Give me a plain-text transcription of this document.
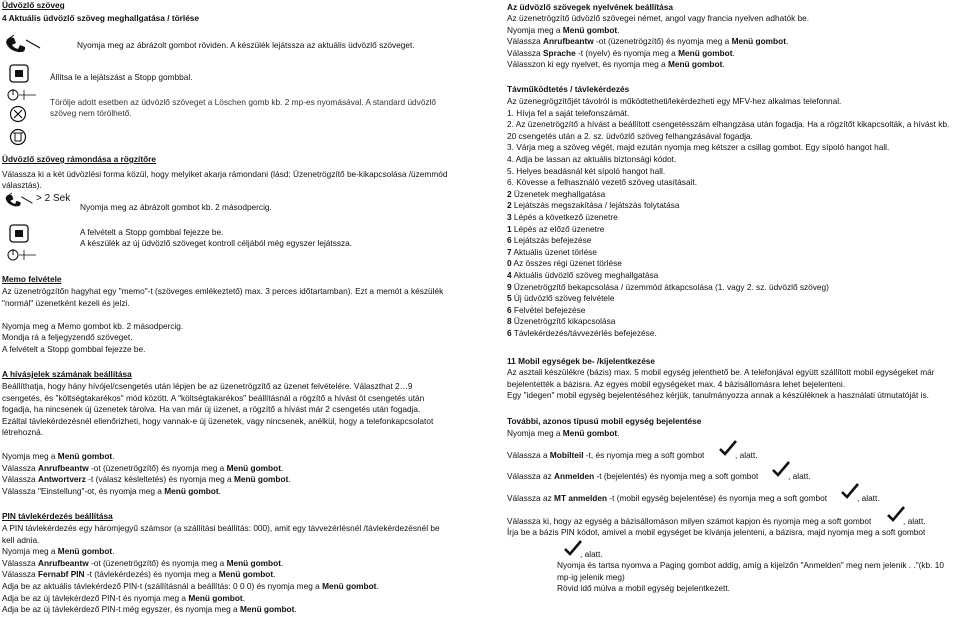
Üdvözlő szöveg
4 Aktuális üdvözlő szöveg meghallgatása / törlése
Nyomja meg az ábrázolt gombot röviden. A készülék lejátssza az aktuális üdvözlő szöveget.
Állítsa le a lejátszást a Stopp gombbal.
Törölje adott esetben az üdvözlő szöveget a Löschen gomb kb. 2 mp-es nyomásával. A standard üdvözlő
szöveg nem törölhető.
Üdvözlő szöveg rámondása a rögzítőre
Válassza ki a két üdvözlési forma közül, hogy melyiket akarja rámondani (lásd: Üzenetrögzítő be-kikapcsolása /üzemmód
választás).
> 2 Sek
Nyomja meg az ábrázolt gombot kb. 2 másodpercig.
A felvételt a Stopp gombbal fejezze be.
A készülék az új üdvözlő szöveget kontroll céljából még egyszer lejátssza.
Memo felvétele
Az üzenetrögzítőn hagyhat egy "memo"-t (szöveges emlékeztető) max. 3 perces időtartamban). Ezt a memót a készülék
"normál" üzenetként kezeli és jelzi.
Nyomja meg a Memo gombot kb. 2 másodpercig.
Mondja rá a feljegyzendő szöveget.
A felvételt a Stopp gombbal fejezze be.
A hívásjelek számának beállítása
Beállíthatja, hogy hány hívójel/csengetés után lépjen be az üzenetrögzítő az üzenet felvételére. Választhat 2…9
csengetés, és "költségtakarékos" mód között. A "költségtakarékos" beállításnál a rögzítő a hívást öt csengetés után
fogadja, ha nincsenek új üzenetek tárolva. Ha van már új üzenet, a rögzítő a hívást már 2 csengetés után fogadja.
Ezáltal távlekérdezésnél ellenőrizheti, hogy vannak-e új üzenetek, vagy nincsenek, anélkül, hogy a telefonkapcsolatot
létrehozná.
Nyomja meg a Menü gombot.
Válassza Anrufbeantw -ot (üzenetrögzítő) és nyomja meg a Menü gombot.
Válassza Antwortverz -t (válasz késleltetés) és nyomja meg a Menü gombot.
Válassza "Einstellung"-ot, és nyomja meg a Menü gombot.
PIN távlekérdezés beállítása
A PIN távlekérdezés egy háromjegyű számsor (a szállítási beállítás: 000), amit egy távvezérlésnél /távlekérdezésnél be
kell adnia.
Nyomja meg a Menü gombot.
Válassza Anrufbeantw -ot (üzenetrögzítő) és nyomja meg a Menü gombot.
Válassza Fernabf PIN -t (távlekérdezés) és nyomja meg a Menü gombot.
Adja be az aktuális távlekérdező PIN-t (szállításnál a beállítás: 0 0 0) és nyomja meg a Menü gombot.
Adja be az új távlekérdező PIN-t és nyomja meg a Menü gombot.
Adja be az új távlekérdező PIN-t még egyszer, és nyomja meg a Menü gombot.
Az üdvözlő szövegek nyelvének beállítása
Az üzenetrögzítő üdvözlő szövegei német, angol vagy francia nyelven adhatók be.
Nyomja meg a Menü gombot.
Válassza Anrufbeantw -ot (üzenetrögzítő) és nyomja meg a Menü gombot.
Válassza Sprache -t (nyelv) és nyomja meg a Menü gombot.
Válasszon ki egy nyelvet, és nyomja meg a Menü gombot.
Távműködtetés / távlekérdezés
Az üzenegrögzítőjét távolról is működtetheti/lekérdezheti egy MFV-hez alkalmas telefonnal.
1. Hívja fel a saját telefonszámát.
2. Az üzenetrögzítő a hívást a beállított csengetésszám elhangzása után fogadja. Ha a rögzítőt kikapcsolták, a hívást kb.
20 csengetés után a 2. sz. üdvözlő szöveg felhangzásával fogadja.
3. Várja meg a szöveg végét, majd ezután nyomja meg kétszer a csillag gombot. Egy sípoló hangot hall.
4. Adja be lassan az aktuális biztonsági kódot.
5. Helyes beadásnál két sípoló hangot hall.
6. Kövesse a felhasználó vezető szöveg utasításait.
2 Üzenetek meghallgatása
2 Lejátszás megszakítása / lejátszás folytatása
3 Lépés a következő üzenetre
1 Lépés az előző üzenetre
6 Lejátszás befejezése
7 Aktuális üzenet törlése
0 Az összes régi üzenet törlése
4 Aktuális üdvözlő szöveg meghallgatása
9 Üzenetrögzítő bekapcsolása / üzemmód átkapcsolása (1. vagy 2. sz. üdvözlő szöveg)
5 Új üdvözlő szöveg felvétele
6 Felvétel befejezése
8 Üzenetrögzítő kikapcsolása
6 Távlekérdezés/távvezérlés befejezése.
11 Mobil egységek be- /kijelentkezése
Az asztali készülékre (bázis) max. 5 mobil egység jelenthető be. A telefonjával együtt szállított mobil egységeket már
bejelentették a bázisra. Az egyes mobil egységeket max. 4 bázisállomásra lehet bejelenteni.
Egy "idegen" mobil egység bejelentéséhez kérjük, tanulmányozza annak a készüléknek a használati útmutatóját is.
További, azonos típusú mobil egység bejelentése
Nyomja meg a Menü gombot.
Válassza a Mobilteil -t, és nyomja meg a soft gombot	, alatt.
Válassza az Anmelden -t (bejelentés) és nyomja meg a soft gombot	, alatt.
Válassza az MT anmelden -t (mobil egység bejelentése) és nyomja meg a soft gombot	, alatt.
Válassza ki, hogy az egység a bázisállomáson milyen számot kapjon és nyomja meg a soft gombot	, alatt.
Írja be a bázis PIN kódot, amivel a mobil egységet be kívánja jelenteni, a bázisra, majd nyomja meg a soft gombot
, alatt.
Nyomja és tartsa nyomva a Paging gombot addig, amíg a kijelzőn "Anmelden" meg nem jelenik . ."(kb. 10
mp-ig jelenik meg)
Rövid idő múlva a mobil egység bejelentkezett.
